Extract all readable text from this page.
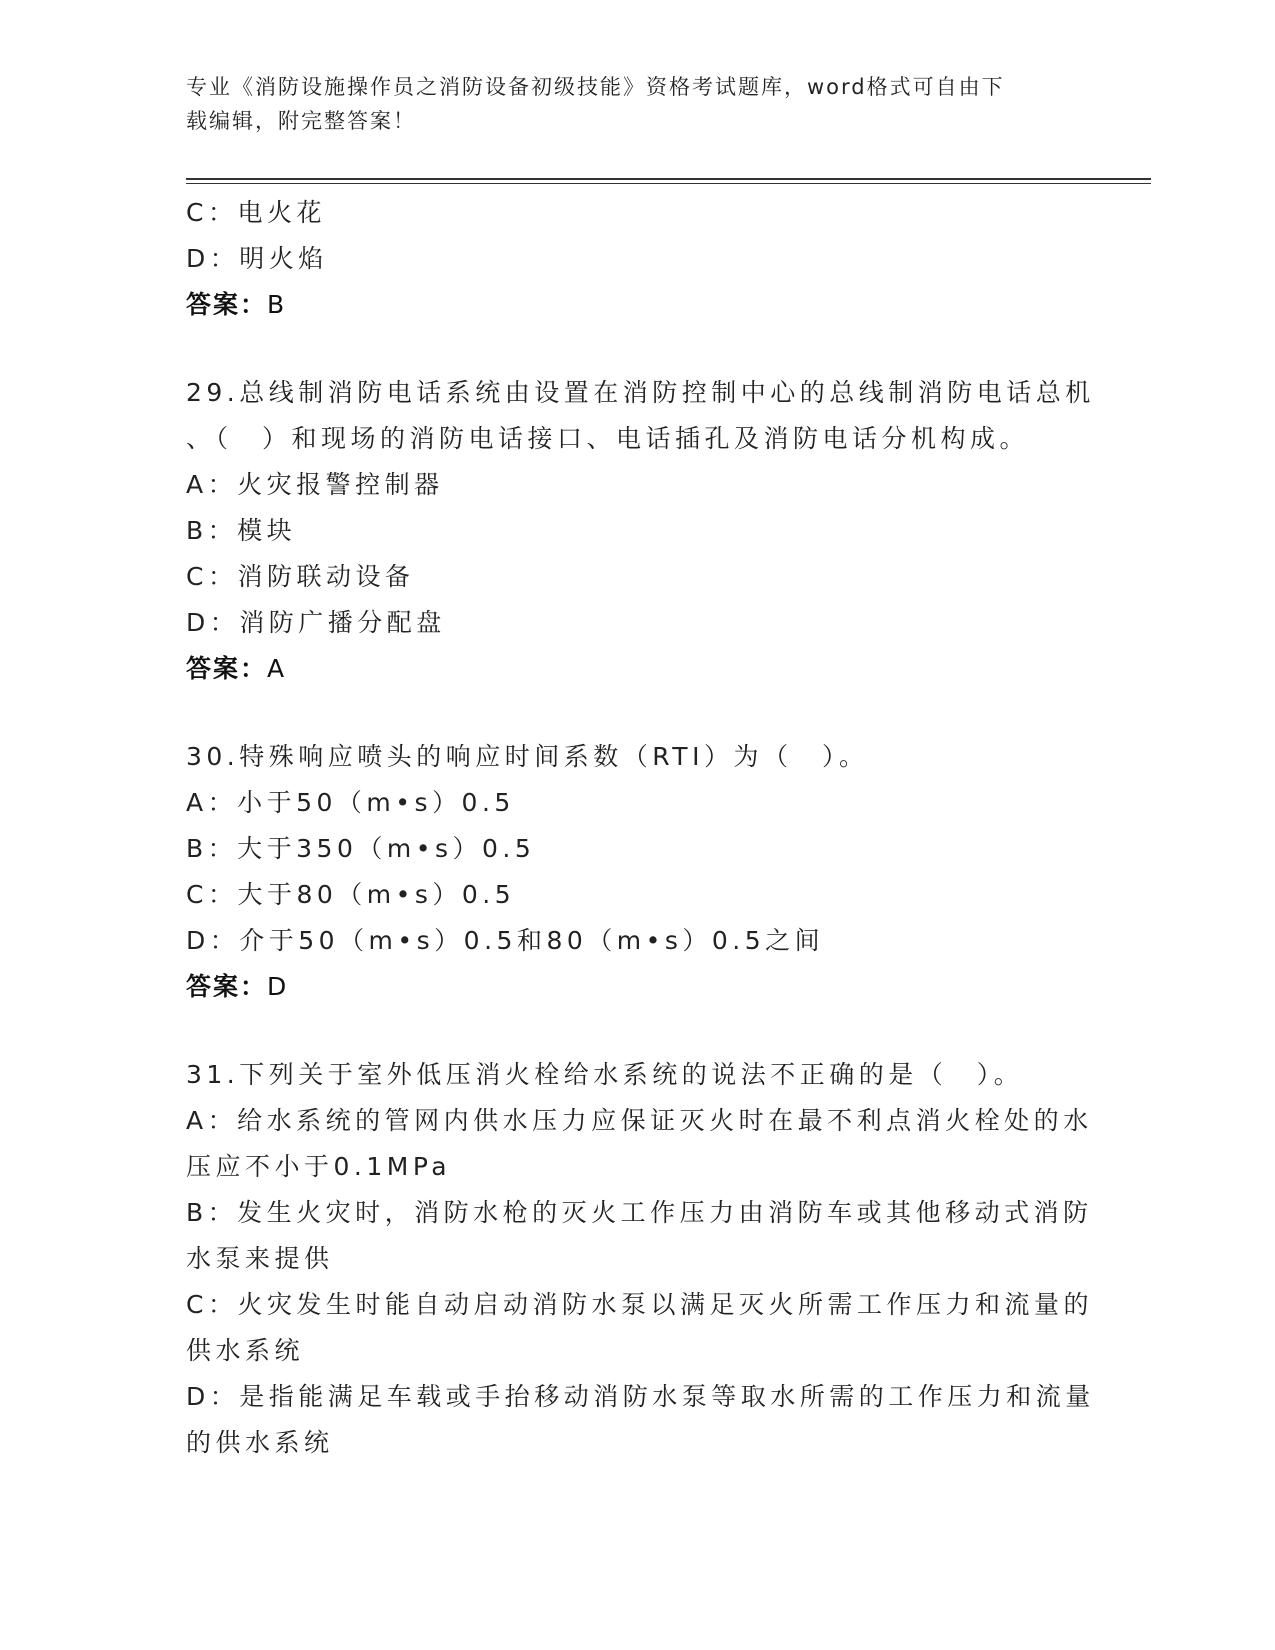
专业《消防设施操作员之消防设备初级技能》资格考试题库，word格式可自由下
载编辑，附完整答案！
C：电火花
D：明火焰
答案：B
29.总线制消防电话系统由设置在消防控制中心的总线制消防电话总机
、（　）和现场的消防电话接口、电话插孔及消防电话分机构成。
A：火灾报警控制器
B：模块
C：消防联动设备
D：消防广播分配盘
答案：A
30.特殊响应喷头的响应时间系数（RTI）为（　）。
A：小于50（m•s）0.5
B：大于350（m•s）0.5
C：大于80（m•s）0.5
D：介于50（m•s）0.5和80（m•s）0.5之间
答案：D
31.下列关于室外低压消火栓给水系统的说法不正确的是（　）。
A：给水系统的管网内供水压力应保证灭火时在最不利点消火栓处的水
压应不小于0.1MPa
B：发生火灾时，消防水枪的灭火工作压力由消防车或其他移动式消防
水泵来提供
C：火灾发生时能自动启动消防水泵以满足灭火所需工作压力和流量的
供水系统
D：是指能满足车载或手抬移动消防水泵等取水所需的工作压力和流量
的供水系统
